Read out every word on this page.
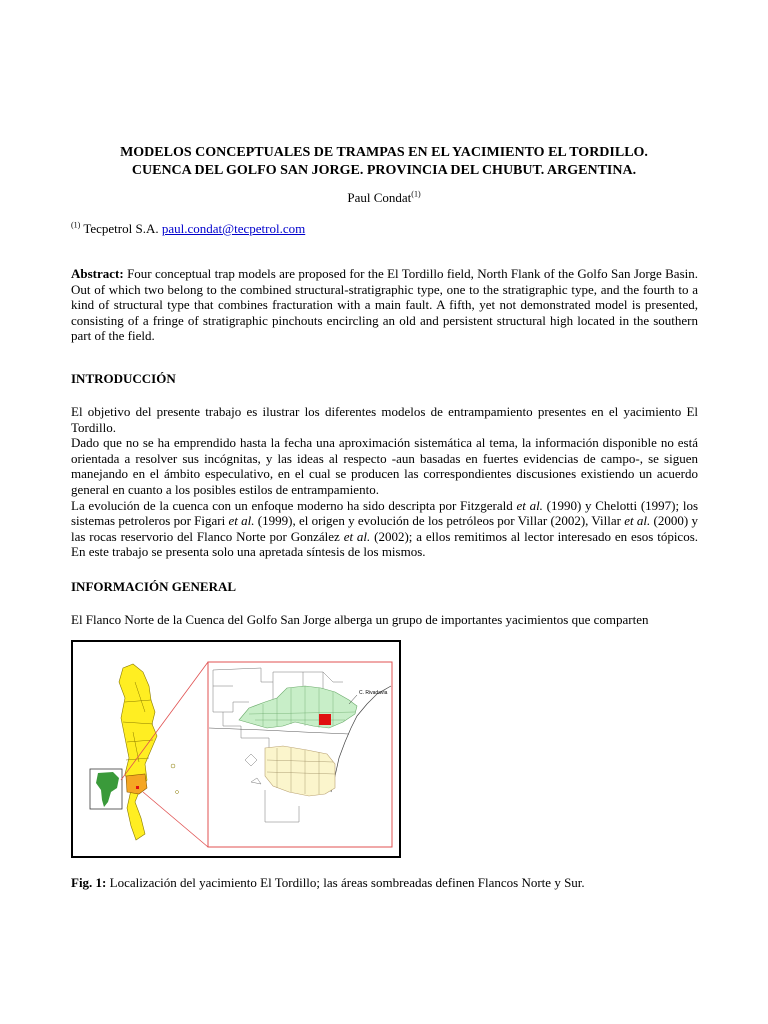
MODELOS CONCEPTUALES DE TRAMPAS EN EL YACIMIENTO EL TORDILLO.
CUENCA DEL GOLFO SAN JORGE. PROVINCIA DEL CHUBUT. ARGENTINA.
Paul Condat$^{(1)}$
$^{(1)}$ Tecpetrol S.A. paul.condat@tecpetrol.com
Abstract: Four conceptual trap models are proposed for the El Tordillo field, North Flank of the Golfo San Jorge Basin. Out of which two belong to the combined structural-stratigraphic type, one to the stratigraphic type, and the fourth to a kind of structural type that combines fracturation with a main fault. A fifth, yet not demonstrated model is presented, consisting of a fringe of stratigraphic pinchouts encircling an old and persistent structural high located in the southern part of the field.
INTRODUCCIÓN
El objetivo del presente trabajo es ilustrar los diferentes modelos de entrampamiento presentes en el yacimiento El Tordillo.
Dado que no se ha emprendido hasta la fecha una aproximación sistemática al tema, la información disponible no está orientada a resolver sus incógnitas, y las ideas al respecto -aun basadas en fuertes evidencias de campo-, se siguen manejando en el ámbito especulativo, en el cual se producen las correspondientes discusiones existiendo un acuerdo general en cuanto a los posibles estilos de entrampamiento.
La evolución de la cuenca con un enfoque moderno ha sido descripta por Fitzgerald et al. (1990) y Chelotti (1997); los sistemas petroleros por Figari et al. (1999), el origen y evolución de los petróleos por Villar (2002), Villar et al. (2000) y las rocas reservorio del Flanco Norte por González et al. (2002); a ellos remitimos al lector interesado en esos tópicos. En este trabajo se presenta solo una apretada síntesis de los mismos.
INFORMACIÓN GENERAL
El Flanco Norte de la Cuenca del Golfo San Jorge alberga un grupo de importantes yacimientos que comparten
C. Rivadavia
Fig. 1: Localización del yacimiento El Tordillo; las áreas sombreadas definen Flancos Norte y Sur.
